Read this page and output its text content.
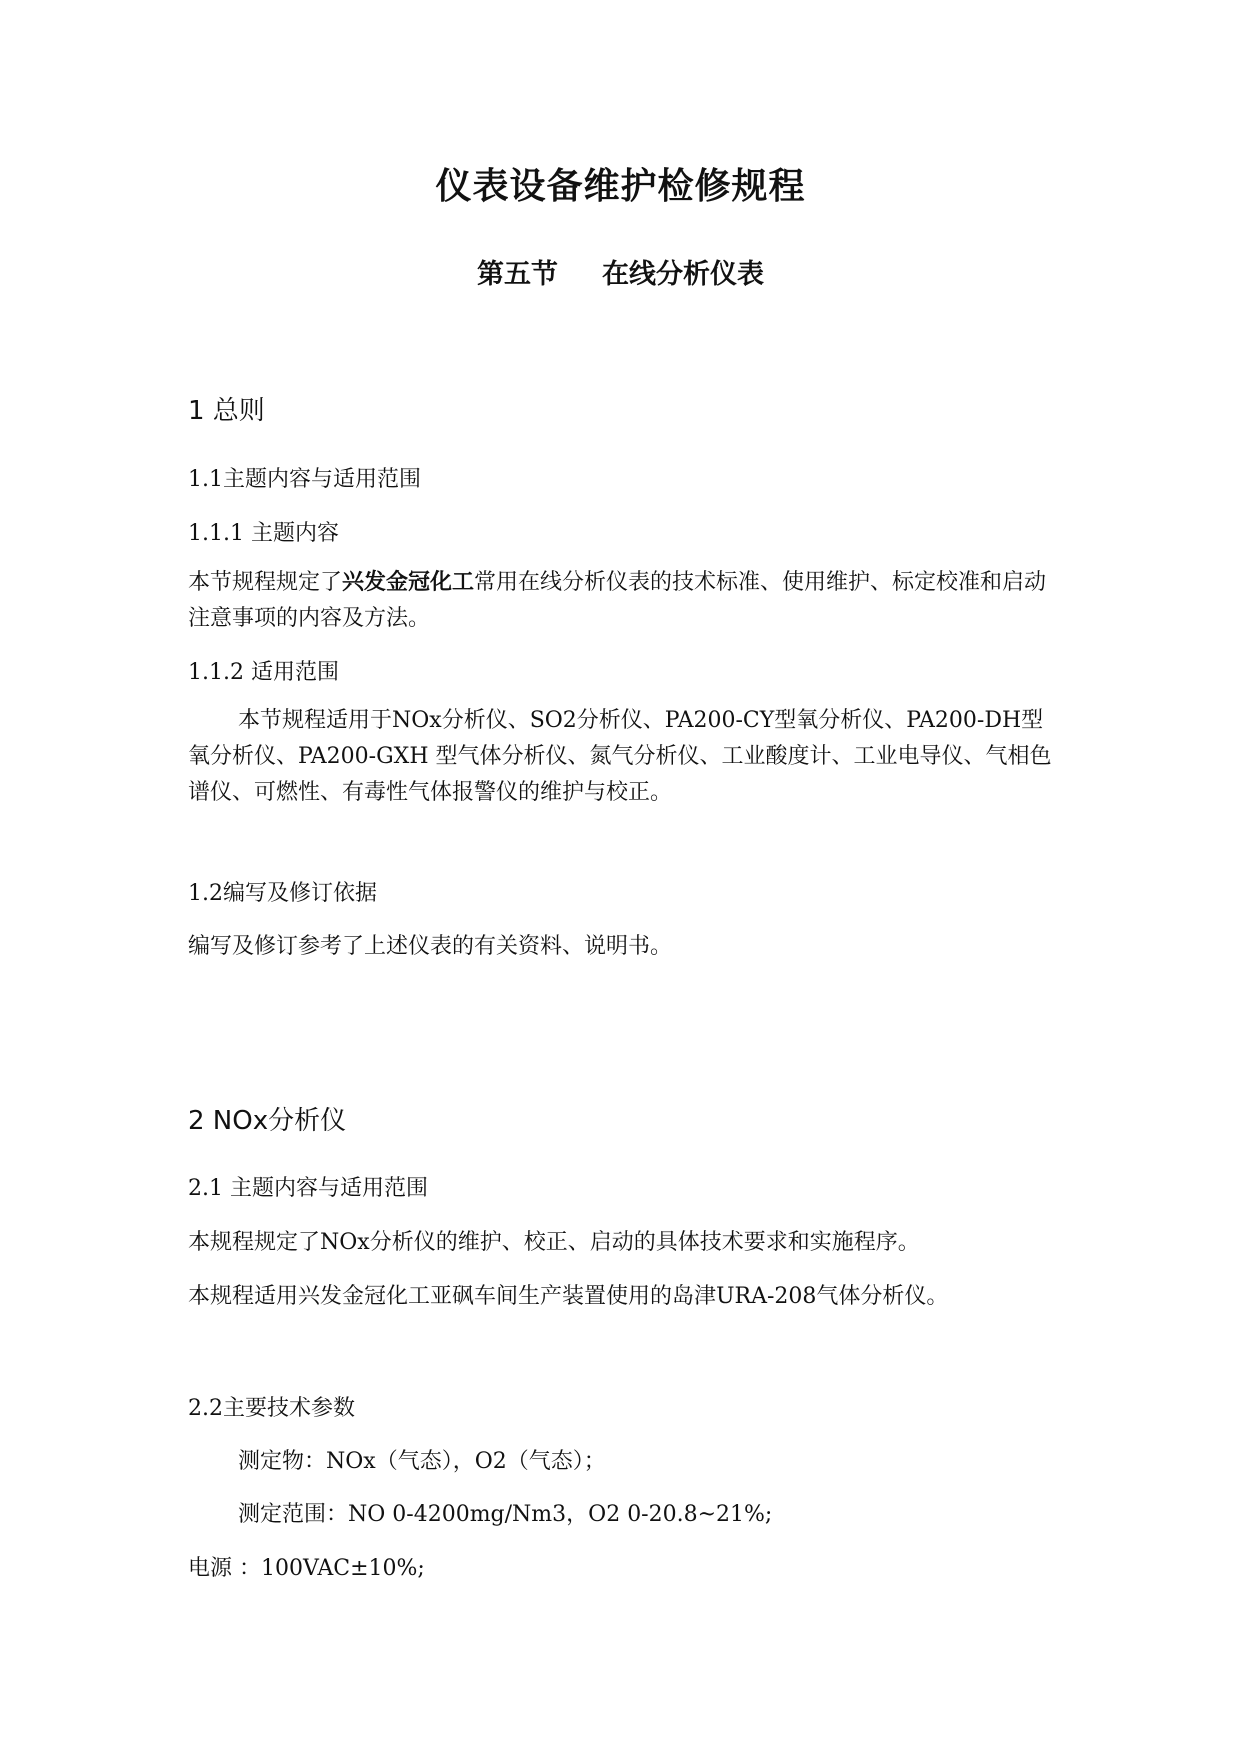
仪表设备维护检修规程
第五节 在线分析仪表
1 总则
1.1主题内容与适用范围
1.1.1 主题内容
本节规程规定了兴发金冠化工常用在线分析仪表的技术标准、使用维护、标定校准和启动注意事项的内容及方法。
1.1.2 适用范围
本节规程适用于NOx分析仪、SO2分析仪、PA200-CY型氧分析仪、PA200-DH型氧分析仪、PA200-GXH 型气体分析仪、氮气分析仪、工业酸度计、工业电导仪、气相色谱仪、可燃性、有毒性气体报警仪的维护与校正。
1.2编写及修订依据
编写及修订参考了上述仪表的有关资料、说明书。
2 NOx分析仪
2.1 主题内容与适用范围
本规程规定了NOx分析仪的维护、校正、启动的具体技术要求和实施程序。
本规程适用兴发金冠化工亚砜车间生产装置使用的岛津URA-208气体分析仪。
2.2主要技术参数
测定物：NOx（气态），O2（气态）；
测定范围：NO 0-4200mg/Nm3，O2 0-20.8~21%;
电源 ：100VAC±10%;
